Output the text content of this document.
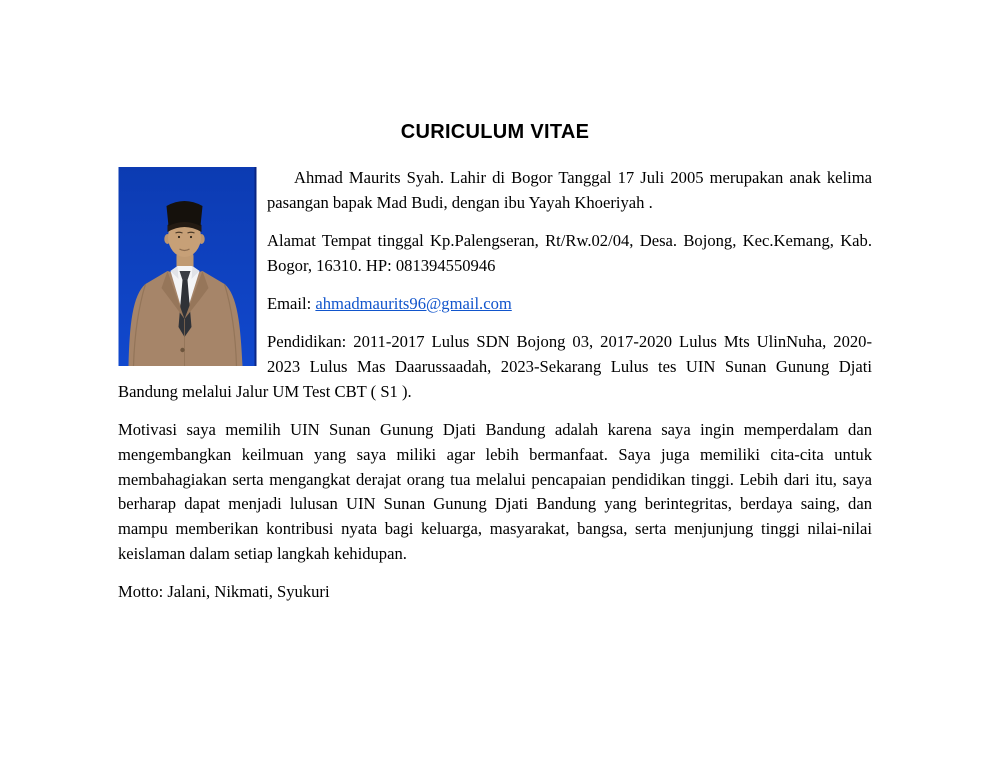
CURICULUM VITAE

Ahmad Maurits Syah. Lahir di Bogor Tanggal 17 Juli 2005 merupakan anak kelima pasangan bapak Mad Budi, dengan ibu Yayah Khoeriyah .

Alamat Tempat tinggal Kp.Palengseran, Rt/Rw.02/04, Desa. Bojong, Kec.Kemang, Kab. Bogor, 16310. HP: 081394550946

Email: ahmadmaurits96@gmail.com

Pendidikan: 2011-2017 Lulus SDN Bojong 03, 2017-2020 Lulus Mts UlinNuha, 2020-2023 Lulus Mas Daarussaadah, 2023-Sekarang Lulus tes UIN Sunan Gunung Djati Bandung melalui Jalur UM Test CBT ( S1 ).

Motivasi saya memilih UIN Sunan Gunung Djati Bandung adalah karena saya ingin memperdalam dan mengembangkan keilmuan yang saya miliki agar lebih bermanfaat. Saya juga memiliki cita-cita untuk membahagiakan serta mengangkat derajat orang tua melalui pencapaian pendidikan tinggi. Lebih dari itu, saya berharap dapat menjadi lulusan UIN Sunan Gunung Djati Bandung yang berintegritas, berdaya saing, dan mampu memberikan kontribusi nyata bagi keluarga, masyarakat, bangsa, serta menjunjung tinggi nilai-nilai keislaman dalam setiap langkah kehidupan.

Motto: Jalani, Nikmati, Syukuri
